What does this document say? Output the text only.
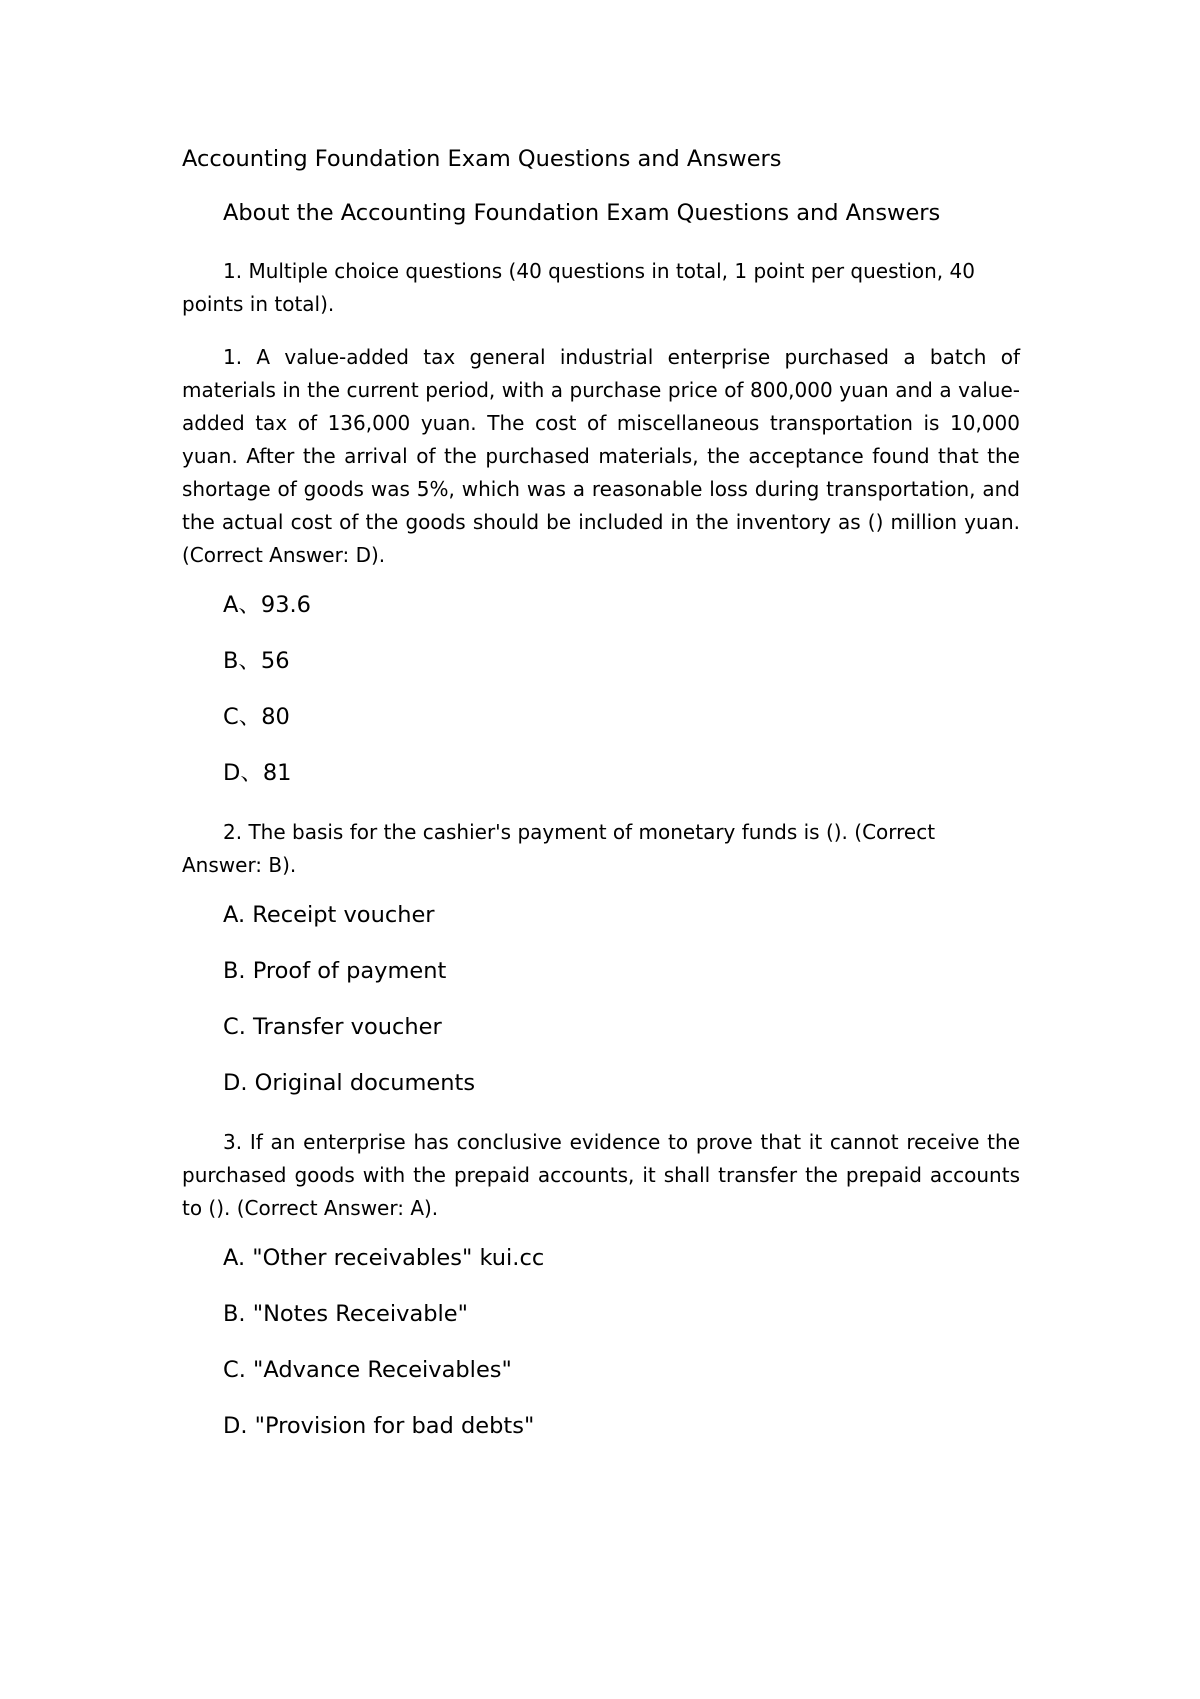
Accounting Foundation Exam Questions and Answers
About the Accounting Foundation Exam Questions and Answers

1. Multiple choice questions (40 questions in total, 1 point per question, 40 points in total).

1. A value-added tax general industrial enterprise purchased a batch of materials in the current period, with a purchase price of 800,000 yuan and a value-added tax of 136,000 yuan. The cost of miscellaneous transportation is 10,000 yuan. After the arrival of the purchased materials, the acceptance found that the shortage of goods was 5%, which was a reasonable loss during transportation, and the actual cost of the goods should be included in the inventory as () million yuan. (Correct Answer: D).

A、93.6
B、56
C、80
D、81

2. The basis for the cashier's payment of monetary funds is (). (Correct Answer: B).

A. Receipt voucher
B. Proof of payment
C. Transfer voucher
D. Original documents

3. If an enterprise has conclusive evidence to prove that it cannot receive the purchased goods with the prepaid accounts, it shall transfer the prepaid accounts to (). (Correct Answer: A).

A. "Other receivables" kui.cc
B. "Notes Receivable"
C. "Advance Receivables"
D. "Provision for bad debts"
